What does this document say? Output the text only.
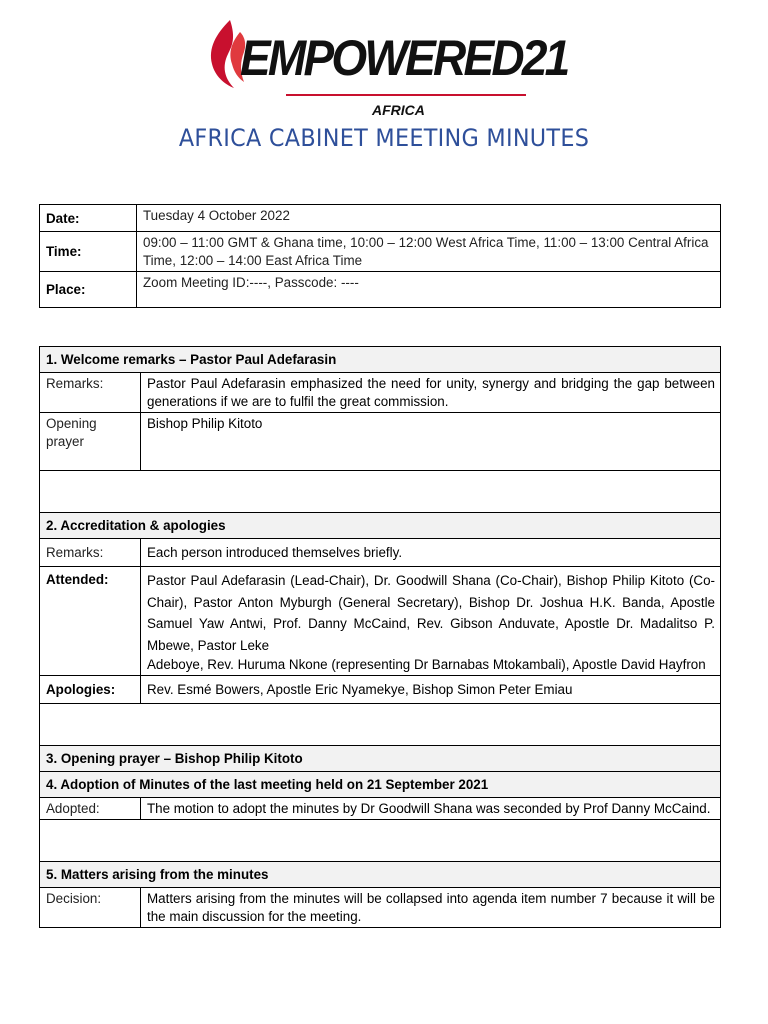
EMPOWERED21
AFRICA
AFRICA CABINET MEETING MINUTES
Date:	Tuesday 4 October 2022
Time:	09:00 – 11:00 GMT & Ghana time, 10:00 – 12:00 West Africa Time, 11:00 – 13:00 Central Africa Time, 12:00 – 14:00 East Africa Time
Place:	Zoom Meeting ID:----, Passcode: ----
1. Welcome remarks – Pastor Paul Adefarasin	
Remarks:	Pastor Paul Adefarasin emphasized the need for unity, synergy and bridging the gap between generations if we are to fulfil the great commission.
Opening prayer	Bishop Philip Kitoto

2. Accreditation & apologies	
Remarks:	Each person introduced themselves briefly.
Attended:	Pastor Paul Adefarasin (Lead-Chair), Dr. Goodwill Shana (Co-Chair), Bishop Philip Kitoto (Co-Chair), Pastor Anton Myburgh (General Secretary), Bishop Dr. Joshua H.K. Banda, Apostle Samuel Yaw Antwi, Prof. Danny McCaind, Rev. Gibson Anduvate, Apostle Dr. Madalitso P. Mbewe, Pastor Leke
Adeboye, Rev. Huruma Nkone (representing Dr Barnabas Mtokambali), Apostle David Hayfron

Apologies:	Rev. Esmé Bowers, Apostle Eric Nyamekye, Bishop Simon Peter Emiau

3. Opening prayer – Bishop Philip Kitoto	
4. Adoption of Minutes of the last meeting held on 21 September 2021	
Adopted:	The motion to adopt the minutes by Dr Goodwill Shana was seconded by Prof Danny McCaind.

5. Matters arising from the minutes	
Decision:	Matters arising from the minutes will be collapsed into agenda item number 7 because it will be the main discussion for the meeting.
